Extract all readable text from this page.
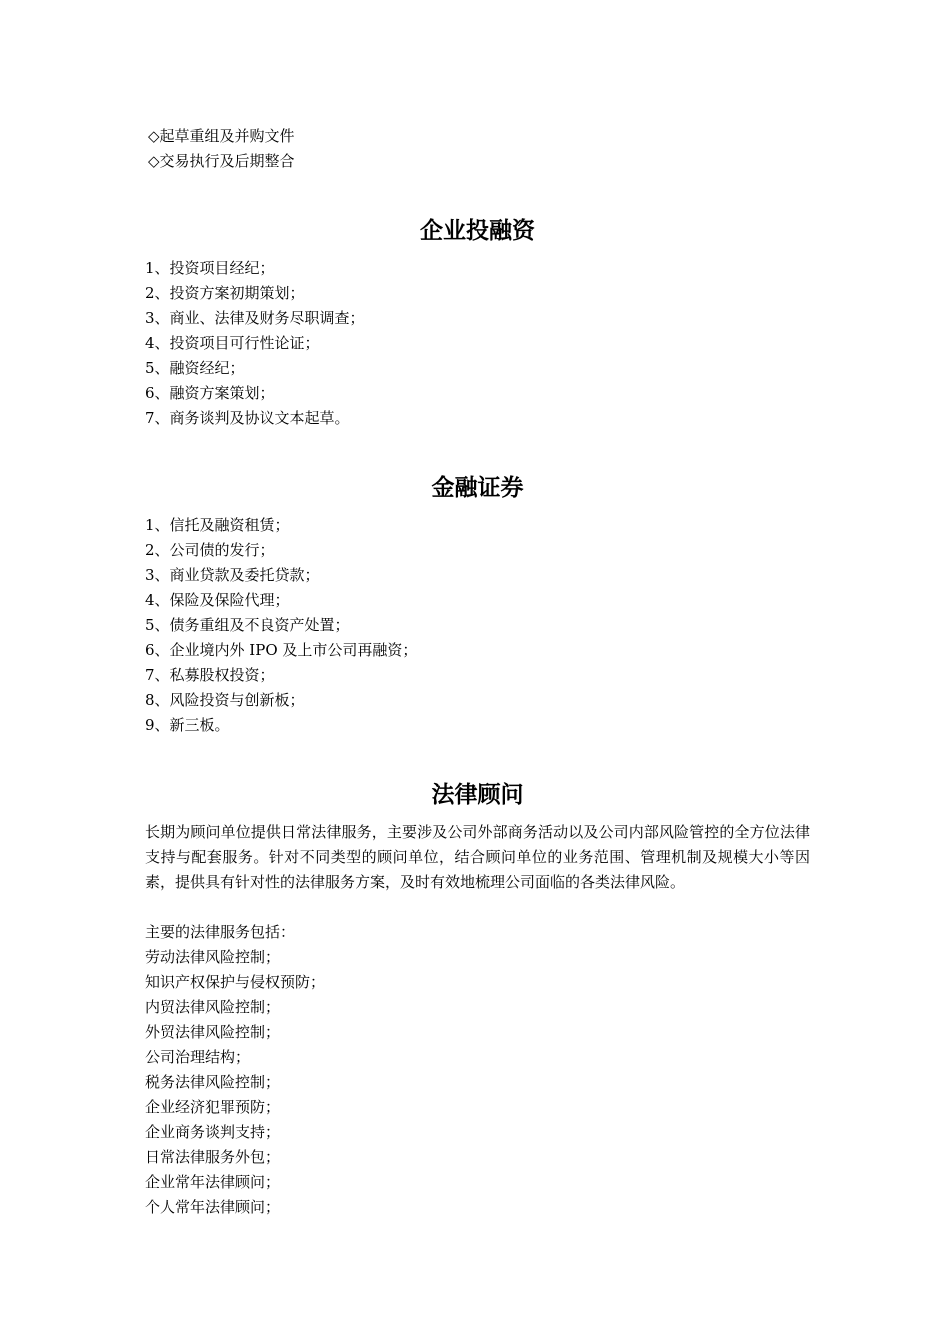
◇起草重组及并购文件

◇交易执行及后期整合

企业投融资

1、投资项目经纪；

2、投资方案初期策划；

3、商业、法律及财务尽职调查；

4、投资项目可行性论证；

5、融资经纪；

6、融资方案策划；

7、商务谈判及协议文本起草。

金融证券

1、信托及融资租赁；

2、公司债的发行；

3、商业贷款及委托贷款；

4、保险及保险代理；

5、债务重组及不良资产处置；

6、企业境内外 IPO 及上市公司再融资；

7、私募股权投资；

8、风险投资与创新板；

9、新三板。

法律顾问

长期为顾问单位提供日常法律服务，主要涉及公司外部商务活动以及公司内部风险管控的全方位法律支持与配套服务。针对不同类型的顾问单位，结合顾问单位的业务范围、管理机制及规模大小等因素，提供具有针对性的法律服务方案，及时有效地梳理公司面临的各类法律风险。

主要的法律服务包括：

劳动法律风险控制；

知识产权保护与侵权预防；

内贸法律风险控制；

外贸法律风险控制；

公司治理结构；

税务法律风险控制；

企业经济犯罪预防；

企业商务谈判支持；

日常法律服务外包；

企业常年法律顾问；

个人常年法律顾问；
